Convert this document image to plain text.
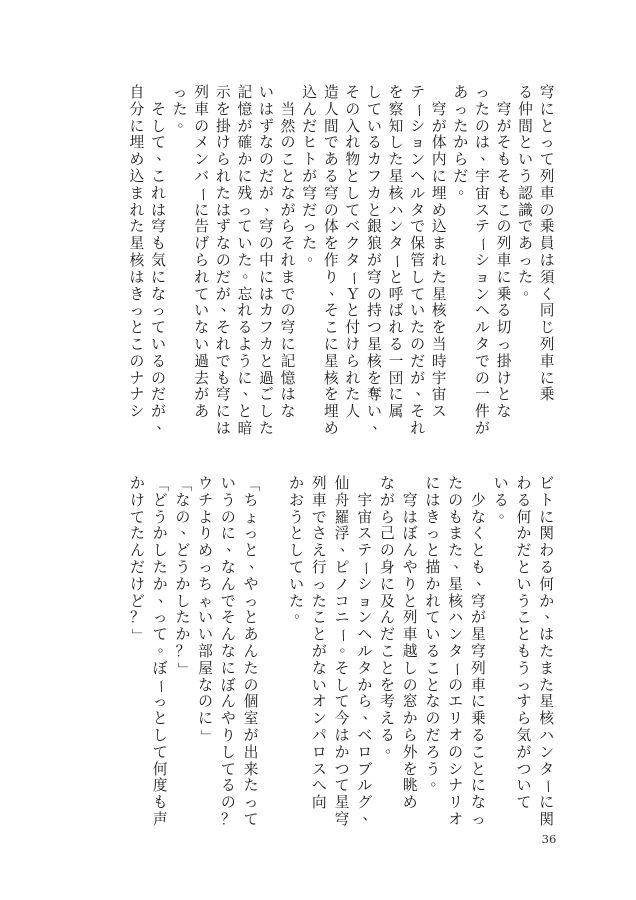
穹
に
と
っ
て
列
車
の
乗
員
は
須
く
同
じ
列
車
に
乗
る
仲
間
と
い
う
認
識
で
あ
っ
た
。

穹
が
そ
も
そ
も
こ
の
列
車
に
乗
る
切
っ
掛
け
と
な
っ
た
の
は
、
宇
宙
ス
テ
ー
シ
ョ
ン
ヘ
ル
タ
で
の
一
件
が
あ
っ
た
か
ら
だ
。

穹
が
体
内
に
埋
め
込
ま
れ
た
星
核
を
当
時
宇
宙
ス
テ
ー
シ
ョ
ン
ヘ
ル
タ
で
保
管
し
て
い
た
の
だ
が
、
そ
れ
を
察
知
し
た
星
核
ハ
ン
タ
ー
と
呼
ば
れ
る
一
団
に
属
し
て
い
る
カ
フ
カ
と
銀
狼
が
穹
の
持
つ
星
核
を
奪
い
、
そ
の
入
れ
物
と
し
て
ベ
ク
タ
ー
Ｙ
と
付
け
ら
れ
た
人
造
人
間
で
あ
る
穹
の
体
を
作
り
、
そ
こ
に
星
核
を
埋
め
込
ん
だ
ヒ
ト
が
穹
だ
っ
た
。

当
然
の
こ
と
な
が
ら
そ
れ
ま
で
の
穹
に
記
憶
は
な
い
は
ず
な
の
だ
が
、
穹
の
中
に
は
カ
フ
カ
と
過
ご
し
た
記
憶
が
確
か
に
残
っ
て
い
た
。
忘
れ
る
よ
う
に
、
と
暗
示
を
掛
け
ら
れ
た
は
ず
な
の
だ
が
、
そ
れ
で
も
穹
に
は
列
車
の
メ
ン
バ
ー
に
告
げ
ら
れ
て
い
な
い
過
去
が
あ
っ
た
。

そ
し
て
、
こ
れ
は
穹
も
気
に
な
っ
て
い
る
の
だ
が
、
自
分
に
埋
め
込
ま
れ
た
星
核
は
き
っ
と
こ
の
ナ
ナ
シ
ビ
ト
に
関
わ
る
何
か
、
は
た
ま
た
星
核
ハ
ン
タ
ー
に
関
わ
る
何
か
だ
と
い
う
こ
と
も
う
っ
す
ら
気
が
つ
い
て
い
る
。

少
な
く
と
も
、
穹
が
星
穹
列
車
に
乗
る
こ
と
に
な
っ
た
の
も
ま
た
、
星
核
ハ
ン
タ
ー
の
エ
リ
オ
の
シ
ナ
リ
オ
に
は
き
っ
と
描
か
れ
て
い
る
こ
と
な
の
だ
ろ
う
。

穹
は
ぼ
ん
や
り
と
列
車
越
し
の
窓
か
ら
外
を
眺
め
な
が
ら
己
の
身
に
及
ん
だ
こ
と
を
考
え
る
。

宇
宙
ス
テ
ー
シ
ョ
ン
ヘ
ル
タ
か
ら
、
ベ
ロ
ブ
ル
グ
、
仙
舟
羅
浮
、
ピ
ノ
コ
ニ
ー
。
そ
し
て
今
は
か
つ
て
星
穹
列
車
で
さ
え
行
っ
た
こ
と
が
な
い
オ
ン
パ
ロ
ス
へ
向
か
お
う
と
し
て
い
た
。
「
ち
ょ
っ
と
、
や
っ
と
あ
ん
た
の
個
室
が
出
来
た
っ
て
い
う
の
に
、
な
ん
で
そ
ん
な
に
ぼ
ん
や
り
し
て
る
の
？
ウ
チ
よ
り
め
っ
ち
ゃ
い
い
部
屋
な
の
に
」
「
な
の
、
ど
う
か
し
た
か
？
」
「
ど
う
か
し
た
か
、
っ
て
。
ぼ
ー
っ
と
し
て
何
度
も
声
か
け
て
た
ん
だ
け
ど
？
」
36
